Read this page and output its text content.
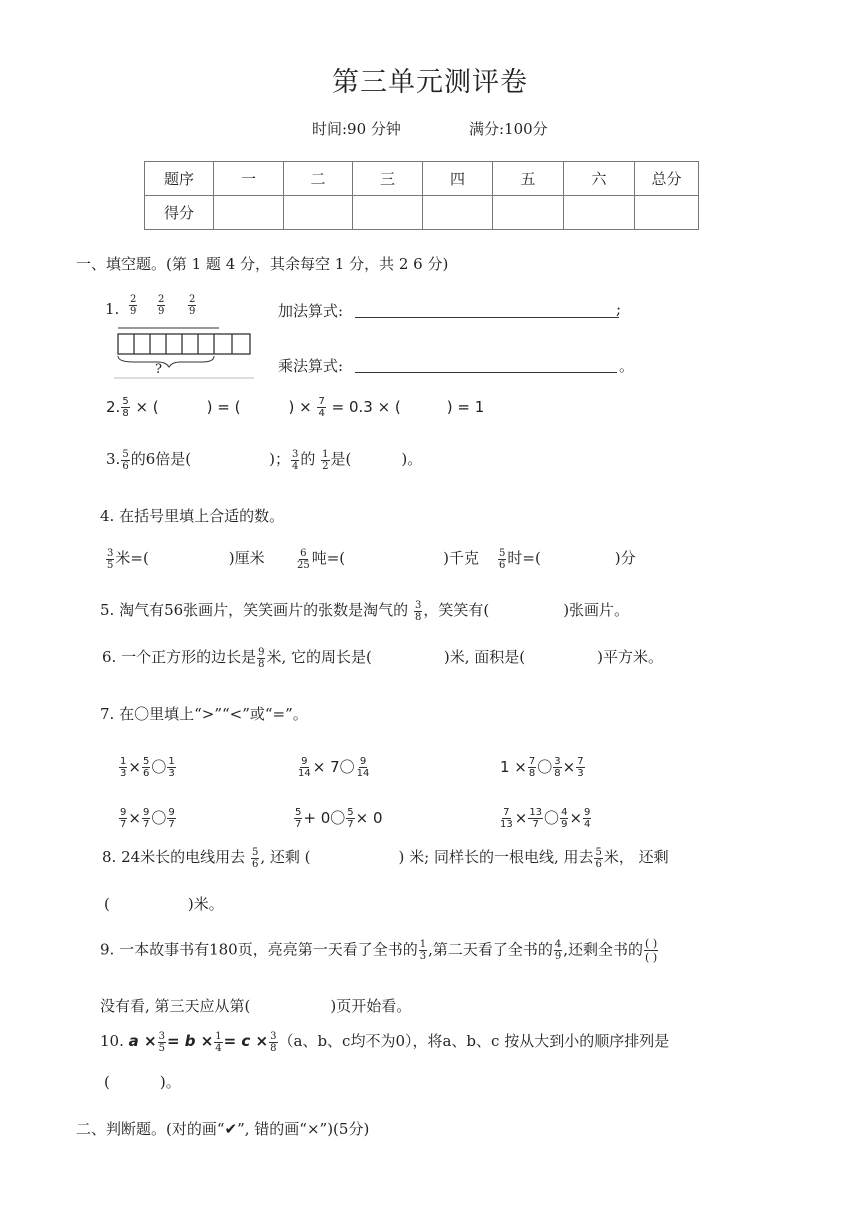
第三单元测评卷
时间:90 分钟	满分:100分
题序	一	二	三	四	五	六	总分
得分							
一、填空题。(第 1 题 4 分，其余每空 1 分，共 2 6 分)
1. $\frac{2}{9} \frac{2}{9} \frac{2}{9}$
?
加法算式:	;
乘法算式:	。
2. $\frac{5}{8}$ × (	) = (	) × $\frac{7}{4} = 0.3$ × (	) = 1
3. $\frac{5}{6}$ 的6倍是(	)； $\frac{3}{4}$ 的 $\frac{1}{2}$ 是(	)。
4. 在括号里填上合适的数。
$\frac{3}{5}$ 米=(	)厘米	$\frac{6}{25}$ 吨=(	)千克 $\frac{5}{6}$ 时=(	)分
5. 淘气有56张画片，笑笑画片的张数是淘气的 $\frac{3}{8}$ ，笑笑有(	)张画片。
6. 一个正方形的边长是 $\frac{9}{8}$ 米, 它的周长是(	)米, 面积是(	)平方米。
7. 在〇里填上“>”“<”或“=”。
$\frac{1}{3} \times \frac{5}{6}$ 〇 $\frac{1}{3}$	$\frac{9}{14} \times 7$〇 $\frac{9}{14}$	$1 \times \frac{7}{8}$ 〇 $\frac{3}{8} \times \frac{7}{3}$
$\frac{9}{7} \times \frac{9}{7}$ 〇 $\frac{9}{7}$	$\frac{5}{7} + 0$〇 $\frac{5}{7} \times 0$	$\frac{7}{13} \times \frac{13}{7}$ 〇 $\frac{4}{9} \times \frac{9}{4}$
8. 24米长的电线用去 $\frac{5}{6}$ , 还剩 (	) 米; 同样长的一根电线, 用去 $\frac{5}{6}$ 米， 还剩
(	)米。
9. 一本故事书有180页，亮亮第一天看了全书的 $\frac{1}{3}$ ,第二天看了全书的 $\frac{4}{9}$ ,还剩全书的 $\frac{( )}{( )}$
没有看, 第三天应从第(	)页开始看。
10. $a \times \frac{3}{5} = b \times \frac{1}{4} = c \times \frac{3}{8} (a$、b、c均不为0），将a、b、c 按从大到小的顺序排列是
(	)。
二、判断题。(对的画“✔”, 错的画“×”)(5分)
